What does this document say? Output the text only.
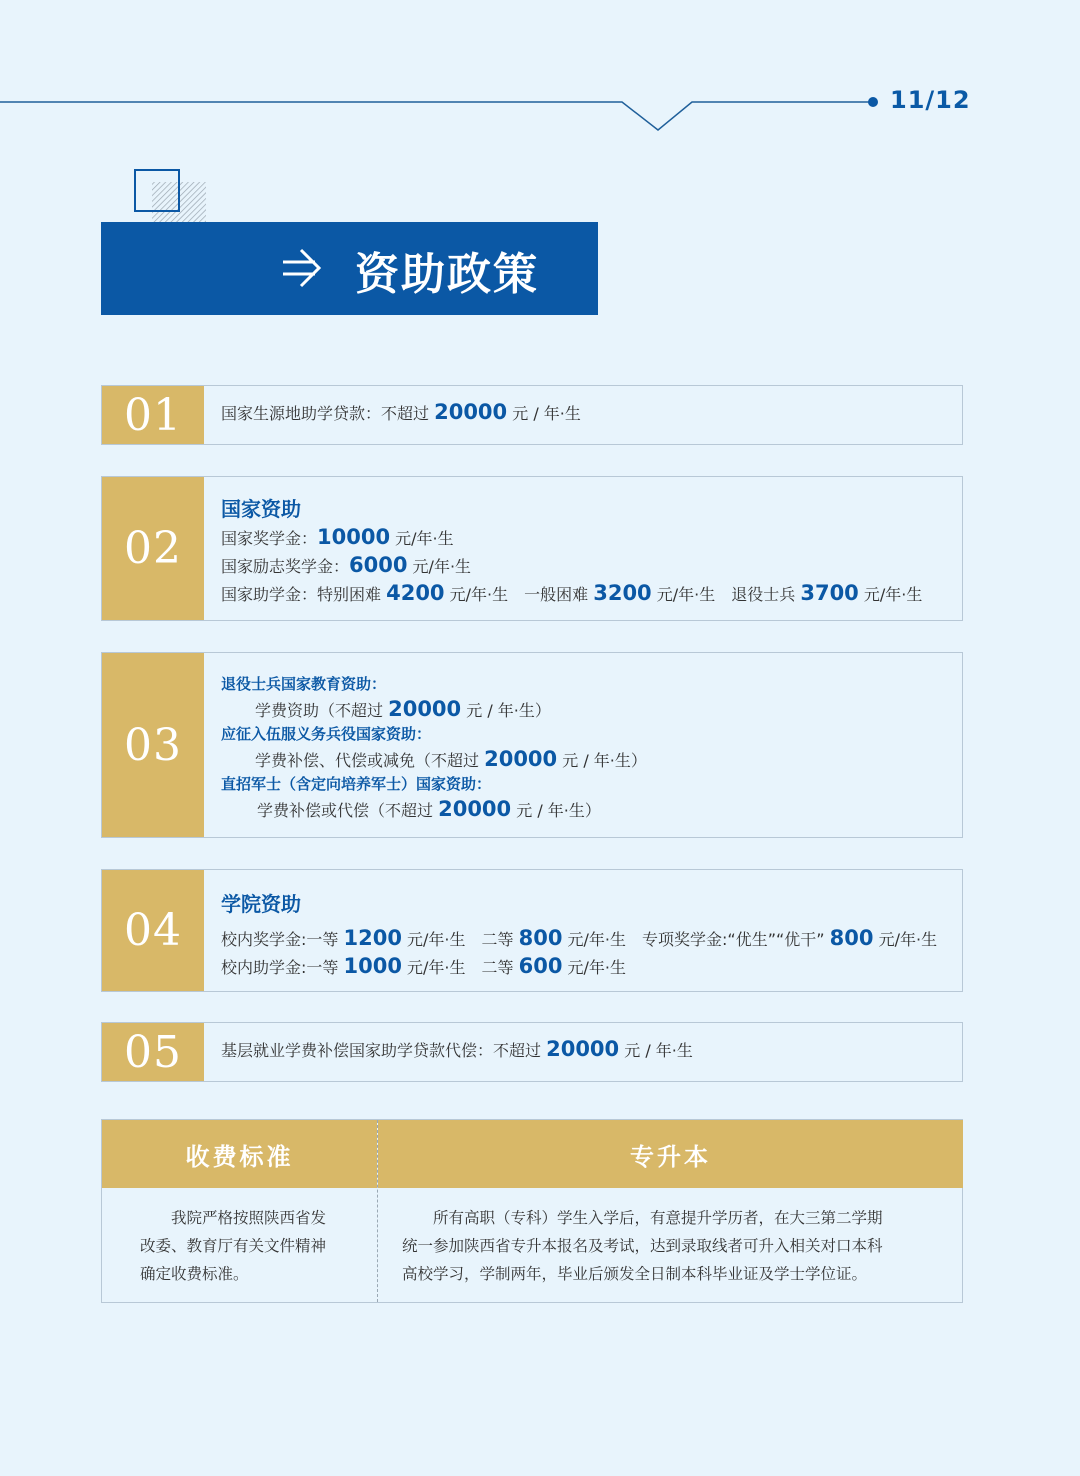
11/12
资助政策
01	国家生源地助学贷款：不超过 20000 元 / 年·生
02
国家资助
国家奖学金：10000 元/年·生
国家励志奖学金：6000 元/年·生
国家助学金：特别困难 4200 元/年·生 一般困难 3200 元/年·生 退役士兵 3700 元/年·生
03
退役士兵国家教育资助：
学费资助（不超过 20000 元 / 年·生）
应征入伍服义务兵役国家资助：
学费补偿、代偿或减免（不超过 20000 元 / 年·生）
直招军士（含定向培养军士）国家资助：
学费补偿或代偿（不超过 20000 元 / 年·生）
04
学院资助
校内奖学金:一等 1200 元/年·生 二等 800 元/年·生 专项奖学金:“优生”“优干” 800 元/年·生
校内助学金:一等 1000 元/年·生 二等 600 元/年·生
05	基层就业学费补偿国家助学贷款代偿：不超过 20000 元 / 年·生
收费标准	专升本
　　我院严格按照陕西省发
改委、教育厅有关文件精神
确定收费标准。
　　所有高职（专科）学生入学后，有意提升学历者，在大三第二学期
统一参加陕西省专升本报名及考试，达到录取线者可升入相关对口本科
高校学习，学制两年，毕业后颁发全日制本科毕业证及学士学位证。
